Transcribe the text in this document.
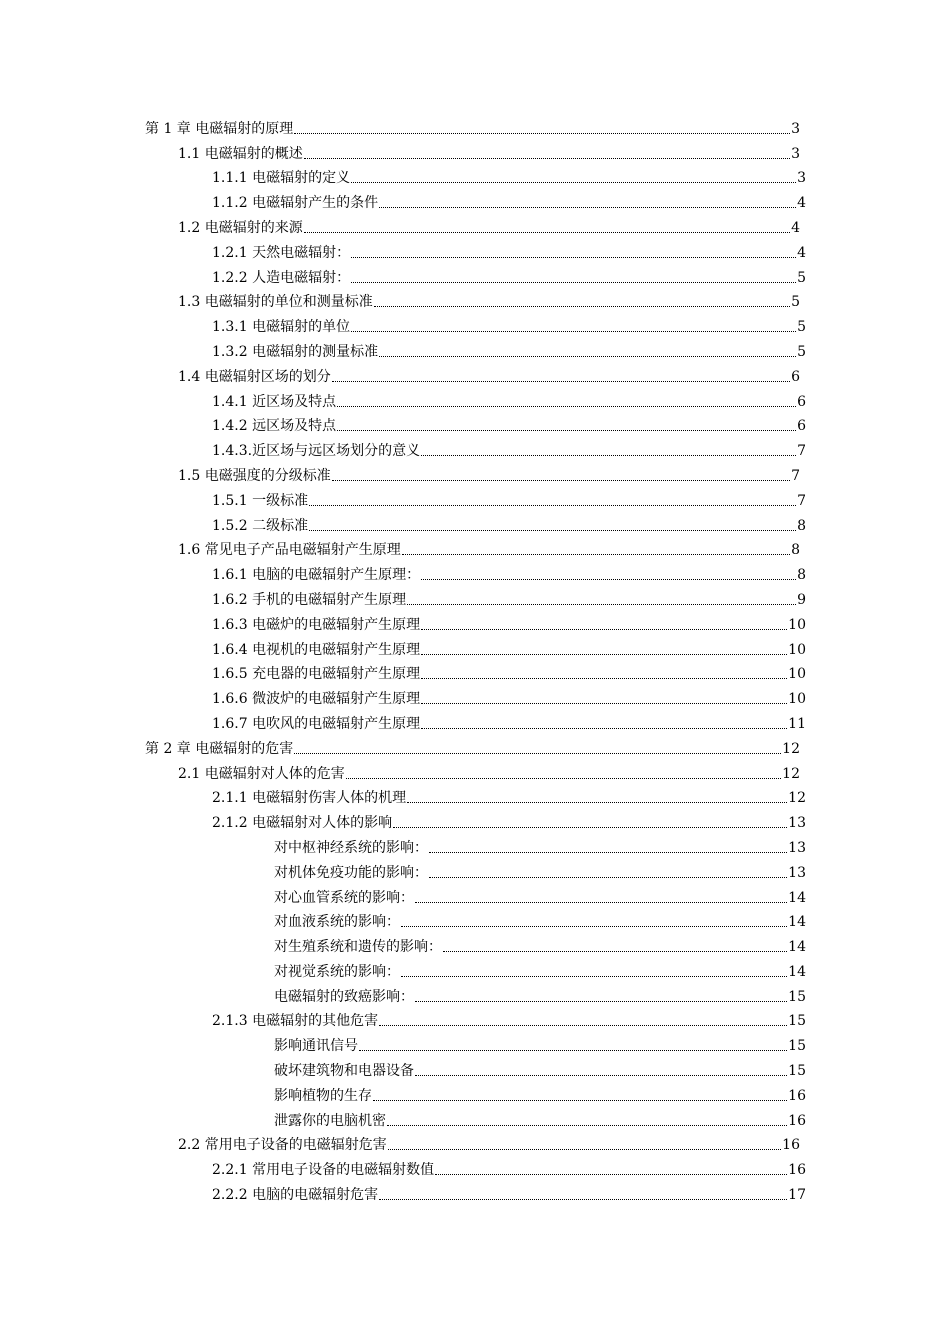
第 1 章 电磁辐射的原理	3
1.1 电磁辐射的概述	3
1.1.1 电磁辐射的定义	3
1.1.2 电磁辐射产生的条件	4
1.2 电磁辐射的来源	4
1.2.1 天然电磁辐射：	4
1.2.2 人造电磁辐射：	5
1.3 电磁辐射的单位和测量标准	5
1.3.1 电磁辐射的单位	5
1.3.2 电磁辐射的测量标准	5
1.4 电磁辐射区场的划分	6
1.4.1 近区场及特点	6
1.4.2 远区场及特点	6
1.4.3.近区场与远区场划分的意义	7
1.5 电磁强度的分级标准	7
1.5.1 一级标准	7
1.5.2 二级标准	8
1.6 常见电子产品电磁辐射产生原理	8
1.6.1 电脑的电磁辐射产生原理：	8
1.6.2 手机的电磁辐射产生原理	9
1.6.3 电磁炉的电磁辐射产生原理	10
1.6.4 电视机的电磁辐射产生原理	10
1.6.5 充电器的电磁辐射产生原理	10
1.6.6 微波炉的电磁辐射产生原理	10
1.6.7 电吹风的电磁辐射产生原理	11
第 2 章 电磁辐射的危害	12
2.1 电磁辐射对人体的危害	12
2.1.1 电磁辐射伤害人体的机理	12
2.1.2 电磁辐射对人体的影响	13
对中枢神经系统的影响：	13
对机体免疫功能的影响：	13
对心血管系统的影响：	14
对血液系统的影响：	14
对生殖系统和遗传的影响：	14
对视觉系统的影响：	14
电磁辐射的致癌影响：	15
2.1.3 电磁辐射的其他危害	15
影响通讯信号	15
破坏建筑物和电器设备	15
影响植物的生存	16
泄露你的电脑机密	16
2.2 常用电子设备的电磁辐射危害	16
2.2.1 常用电子设备的电磁辐射数值	16
2.2.2 电脑的电磁辐射危害	17
